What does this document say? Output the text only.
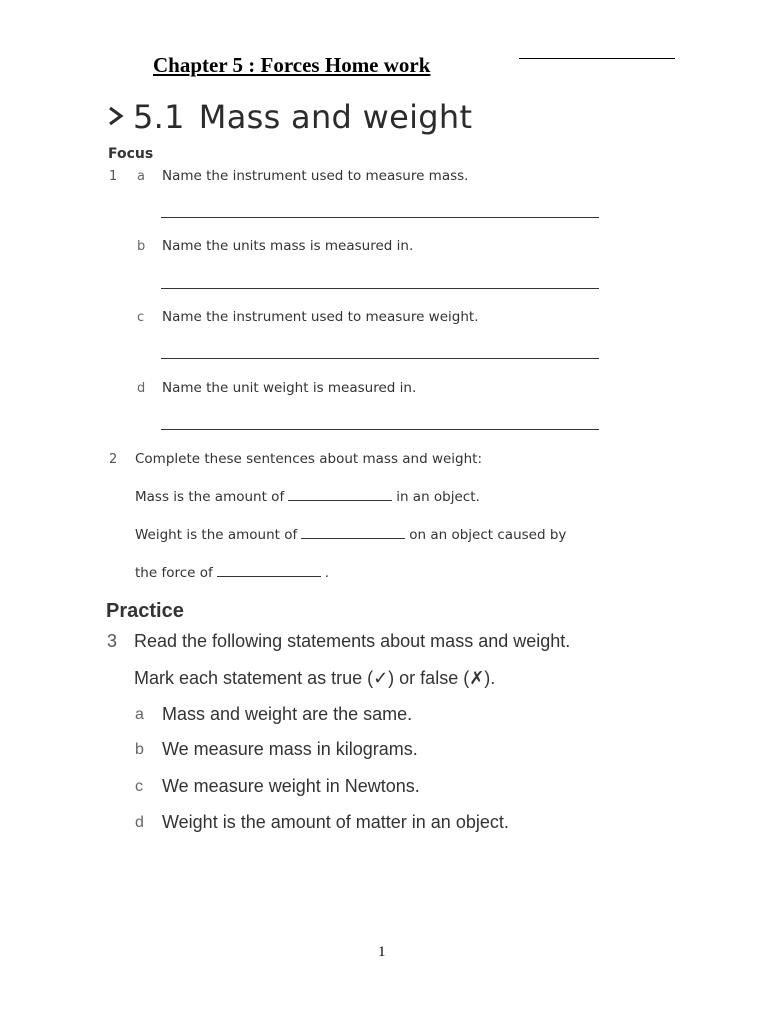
Chapter 5 : Forces Home work
5.1 Mass and weight
Focus
1 a Name the instrument used to measure mass.
b Name the units mass is measured in.
c Name the instrument used to measure weight.
d Name the unit weight is measured in.
2 Complete these sentences about mass and weight:
Mass is the amount of	in an object.
Weight is the amount of	on an object caused by
the force of	.
Practice
3 Read the following statements about mass and weight.
Mark each statement as true (✓) or false (✗).
a Mass and weight are the same.
b We measure mass in kilograms.
c We measure weight in Newtons.
d Weight is the amount of matter in an object.
1
